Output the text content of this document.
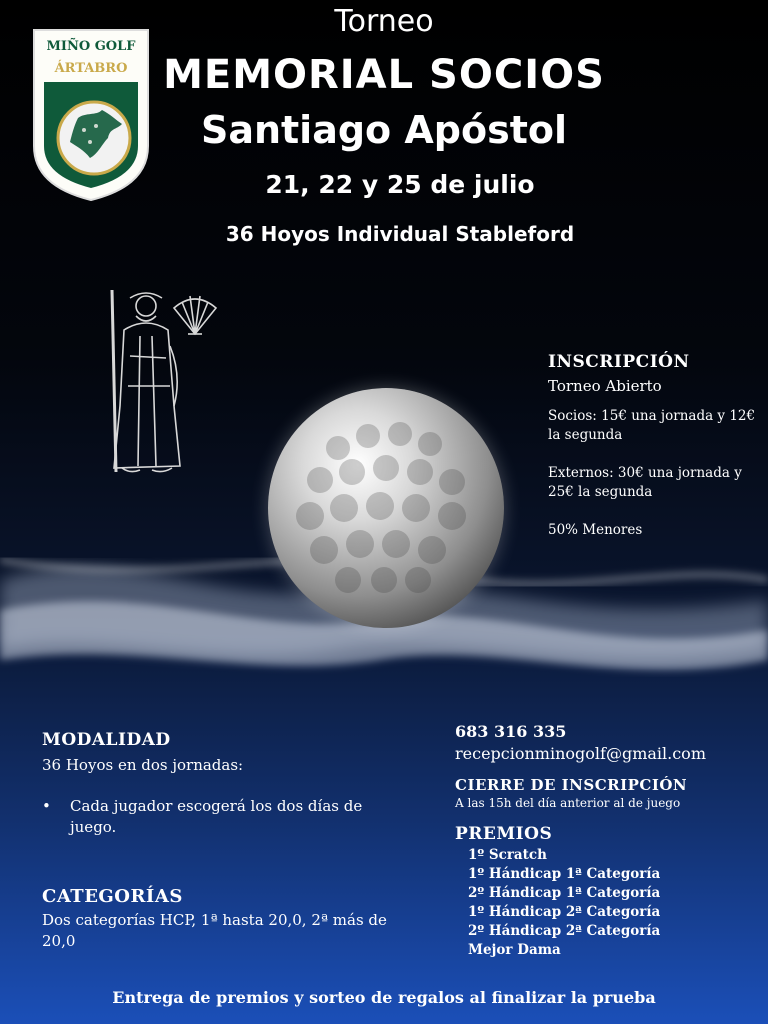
MIÑO GOLF
ÁRTABRO
Torneo
MEMORIAL SOCIOS
Santiago Apóstol
21, 22 y 25 de julio
36 Hoyos Individual Stableford
INSCRIPCIÓN
Torneo Abierto
Socios: 15€ una jornada y 12€ la segunda
Externos: 30€ una jornada y 25€ la segunda
50% Menores
MODALIDAD
36 Hoyos en dos jornadas:
• Cada jugador escogerá los dos días de juego.
CATEGORÍAS
Dos categorías HCP, 1ª hasta 20,0, 2ª más de 20,0
683 316 335
recepcionminogolf@gmail.com
CIERRE DE INSCRIPCIÓN
A las 15h del día anterior al de juego
PREMIOS
1º Scratch
1º Hándicap 1ª Categoría
2º Hándicap 1ª Categoría
1º Hándicap 2ª Categoría
2º Hándicap 2ª Categoría
Mejor Dama
Entrega de premios y sorteo de regalos al finalizar la prueba
